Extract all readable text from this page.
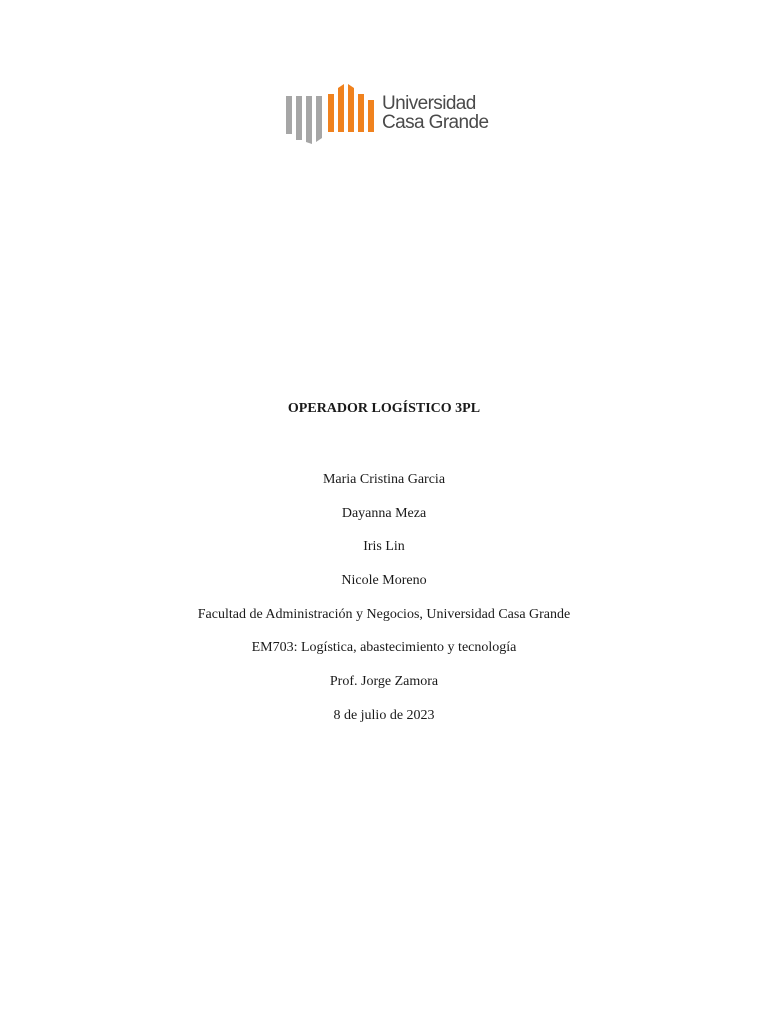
Universidad
Casa Grande
OPERADOR LOGÍSTICO 3PL
Maria Cristina Garcia
Dayanna Meza
Iris Lin
Nicole Moreno
Facultad de Administración y Negocios, Universidad Casa Grande
EM703: Logística, abastecimiento y tecnología
Prof. Jorge Zamora
8 de julio de 2023
